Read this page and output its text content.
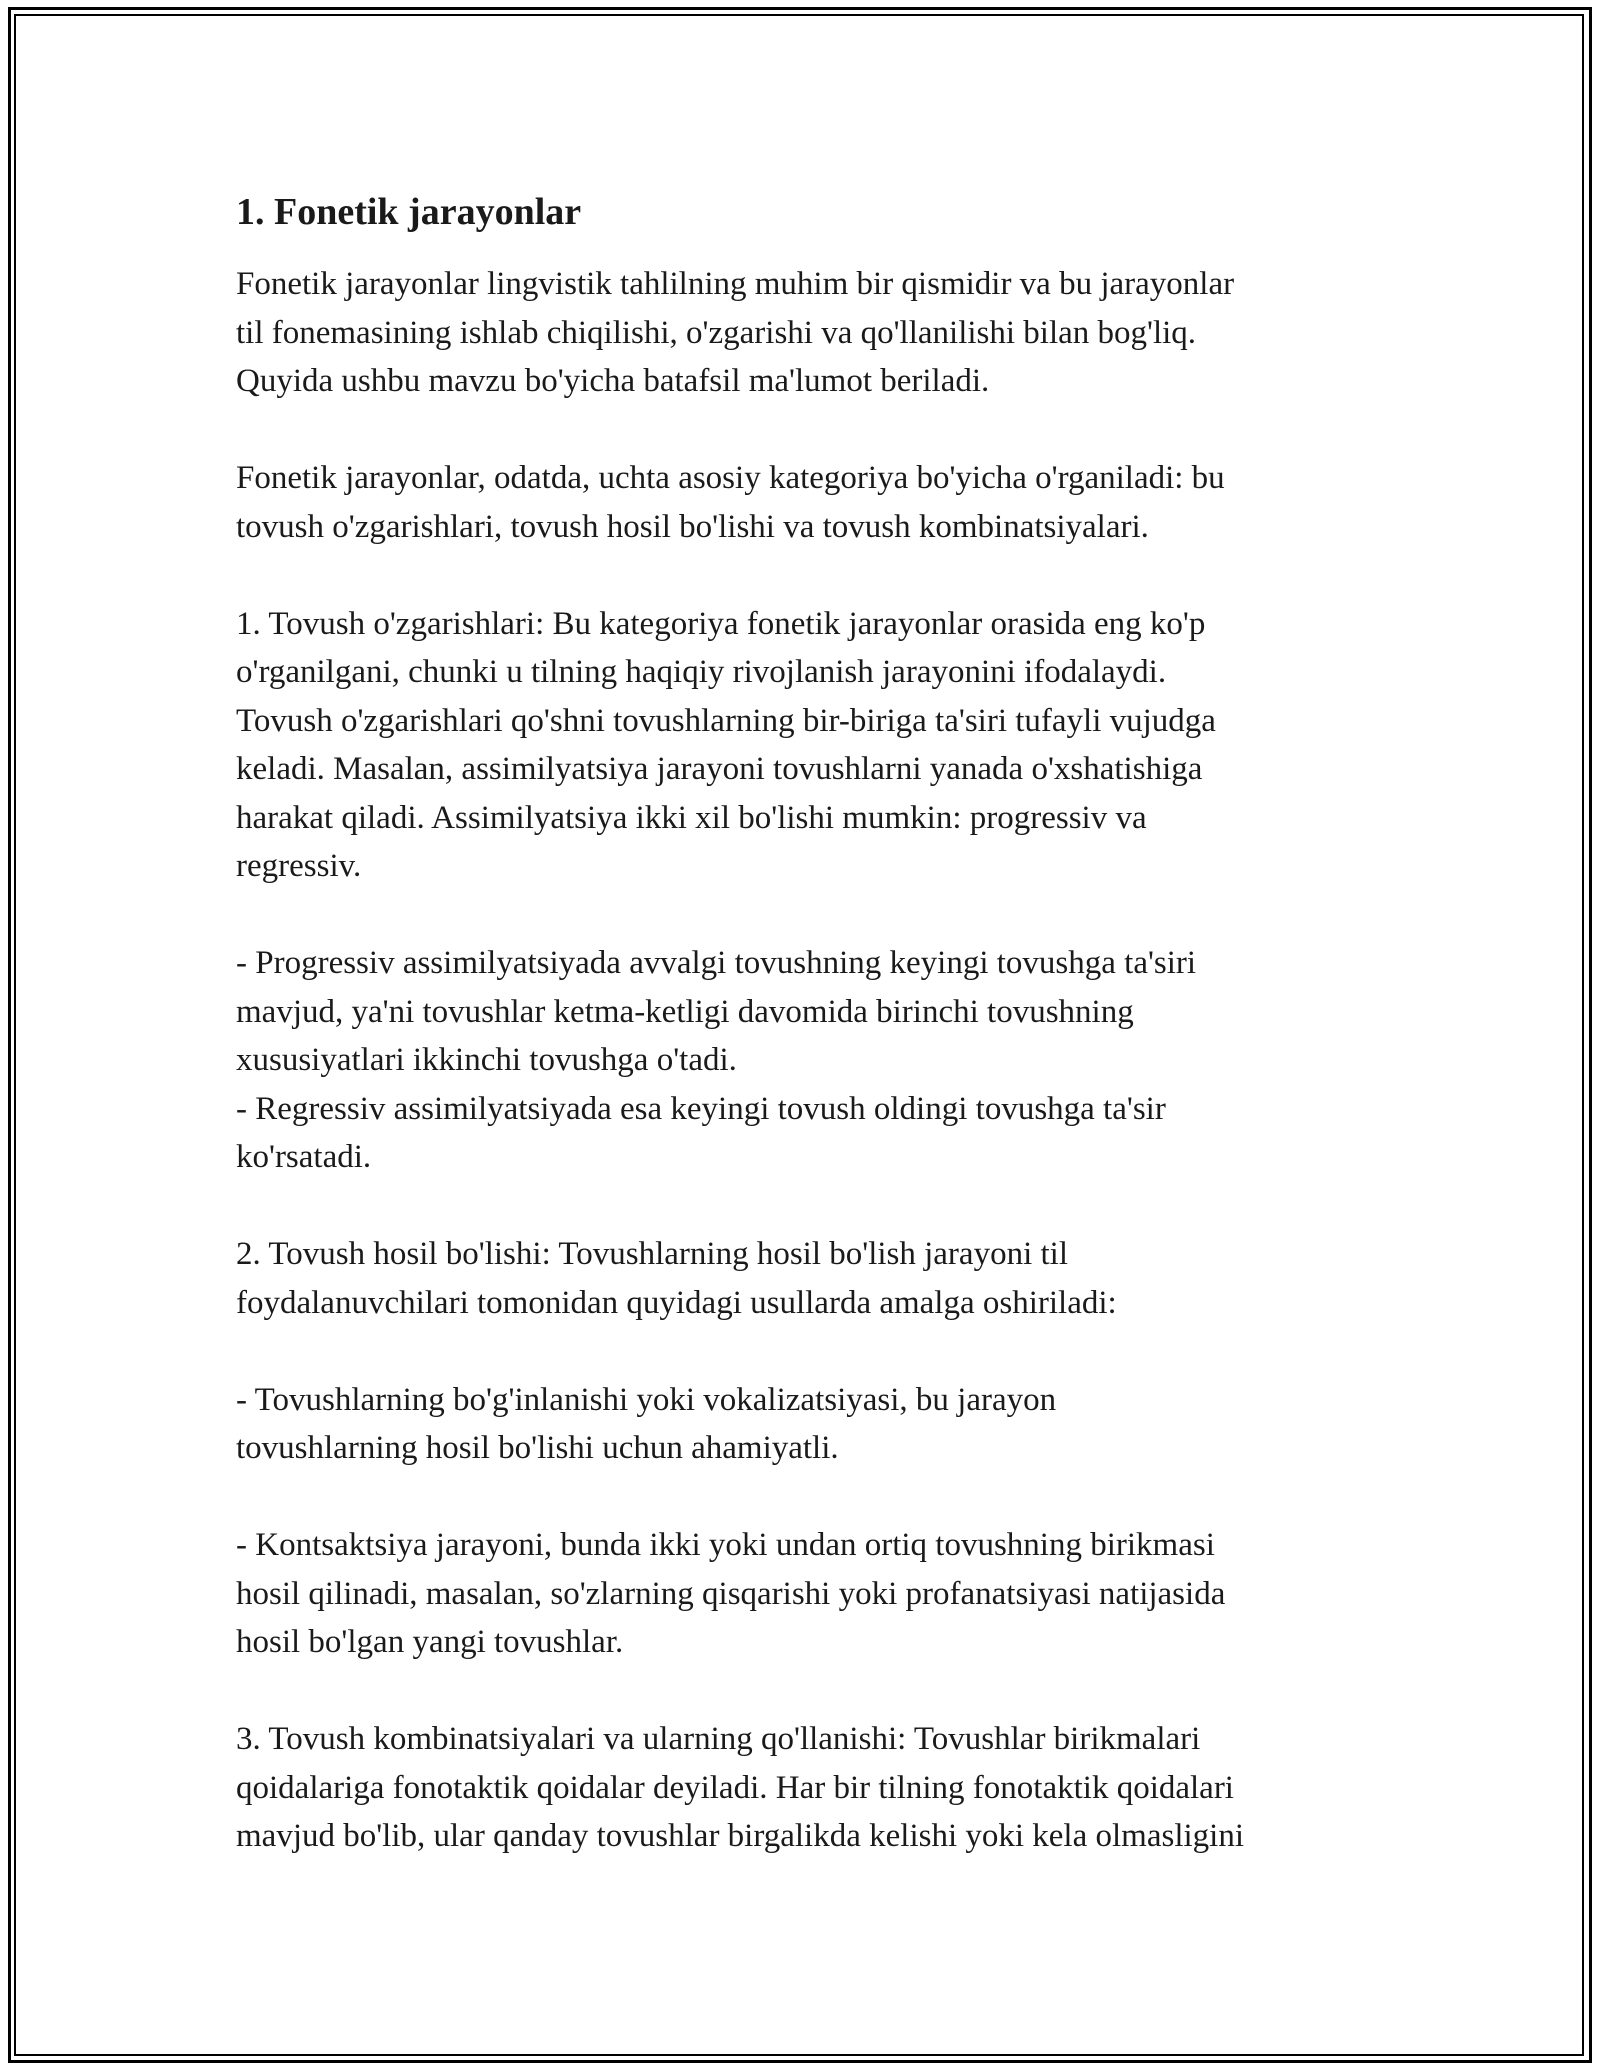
1. Fonetik jarayonlar

Fonetik jarayonlar lingvistik tahlilning muhim bir qismidir va bu jarayonlar
til fonemasining ishlab chiqilishi, o'zgarishi va qo'llanilishi bilan bog'liq.
Quyida ushbu mavzu bo'yicha batafsil ma'lumot beriladi.

Fonetik jarayonlar, odatda, uchta asosiy kategoriya bo'yicha o'rganiladi: bu
tovush o'zgarishlari, tovush hosil bo'lishi va tovush kombinatsiyalari.

1. Tovush o'zgarishlari: Bu kategoriya fonetik jarayonlar orasida eng ko'p
o'rganilgani, chunki u tilning haqiqiy rivojlanish jarayonini ifodalaydi.
Tovush o'zgarishlari qo'shni tovushlarning bir-biriga ta'siri tufayli vujudga
keladi. Masalan, assimilyatsiya jarayoni tovushlarni yanada o'xshatishiga
harakat qiladi. Assimilyatsiya ikki xil bo'lishi mumkin: progressiv va
regressiv.

- Progressiv assimilyatsiyada avvalgi tovushning keyingi tovushga ta'siri
mavjud, ya'ni tovushlar ketma-ketligi davomida birinchi tovushning
xususiyatlari ikkinchi tovushga o'tadi.

- Regressiv assimilyatsiyada esa keyingi tovush oldingi tovushga ta'sir
ko'rsatadi.

2. Tovush hosil bo'lishi: Tovushlarning hosil bo'lish jarayoni til
foydalanuvchilari tomonidan quyidagi usullarda amalga oshiriladi:

- Tovushlarning bo'g'inlanishi yoki vokalizatsiyasi, bu jarayon
tovushlarning hosil bo'lishi uchun ahamiyatli.

- Kontsaktsiya jarayoni, bunda ikki yoki undan ortiq tovushning birikmasi
hosil qilinadi, masalan, so'zlarning qisqarishi yoki profanatsiyasi natijasida
hosil bo'lgan yangi tovushlar.

3. Tovush kombinatsiyalari va ularning qo'llanishi: Tovushlar birikmalari
qoidalariga fonotaktik qoidalar deyiladi. Har bir tilning fonotaktik qoidalari
mavjud bo'lib, ular qanday tovushlar birgalikda kelishi yoki kela olmasligini
